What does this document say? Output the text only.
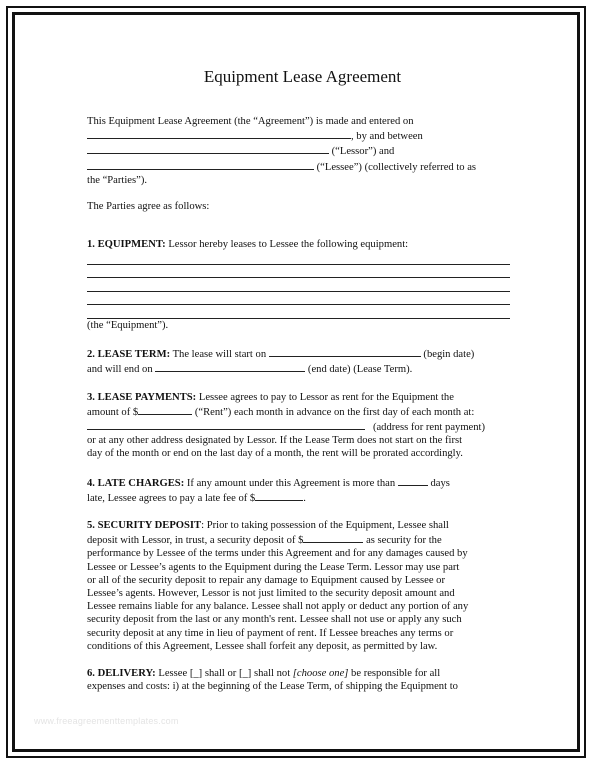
Equipment Lease Agreement

This Equipment Lease Agreement (the “Agreement”) is made and entered on

, by and between

(“Lessor”) and

(“Lessee”) (collectively referred to as

the “Parties”).

The Parties agree as follows:

1. EQUIPMENT: Lessor hereby leases to Lessee the following equipment:

(the “Equipment”).

2. LEASE TERM: The lease will start on	(begin date)

and will end on	(end date) (Lease Term).

3. LEASE PAYMENTS: Lessee agrees to pay to Lessor as rent for the Equipment the

amount of $	(“Rent”) each month in advance on the first day of each month at:

(address for rent payment)

or at any other address designated by Lessor. If the Lease Term does not start on the first

day of the month or end on the last day of a month, the rent will be prorated accordingly.

4. LATE CHARGES: If any amount under this Agreement is more than	days

late, Lessee agrees to pay a late fee of $	.

5. SECURITY DEPOSIT: Prior to taking possession of the Equipment, Lessee shall

deposit with Lessor, in trust, a security deposit of $	as security for the

performance by Lessee of the terms under this Agreement and for any damages caused by

Lessee or Lessee’s agents to the Equipment during the Lease Term. Lessor may use part

or all of the security deposit to repair any damage to Equipment caused by Lessee or

Lessee’s agents. However, Lessor is not just limited to the security deposit amount and

Lessee remains liable for any balance. Lessee shall not apply or deduct any portion of any

security deposit from the last or any month's rent. Lessee shall not use or apply any such

security deposit at any time in lieu of payment of rent. If Lessee breaches any terms or

conditions of this Agreement, Lessee shall forfeit any deposit, as permitted by law.

6. DELIVERY: Lessee [_] shall or [_] shall not [choose one] be responsible for all

expenses and costs: i) at the beginning of the Lease Term, of shipping the Equipment to

www.freeagreementtemplates.com
